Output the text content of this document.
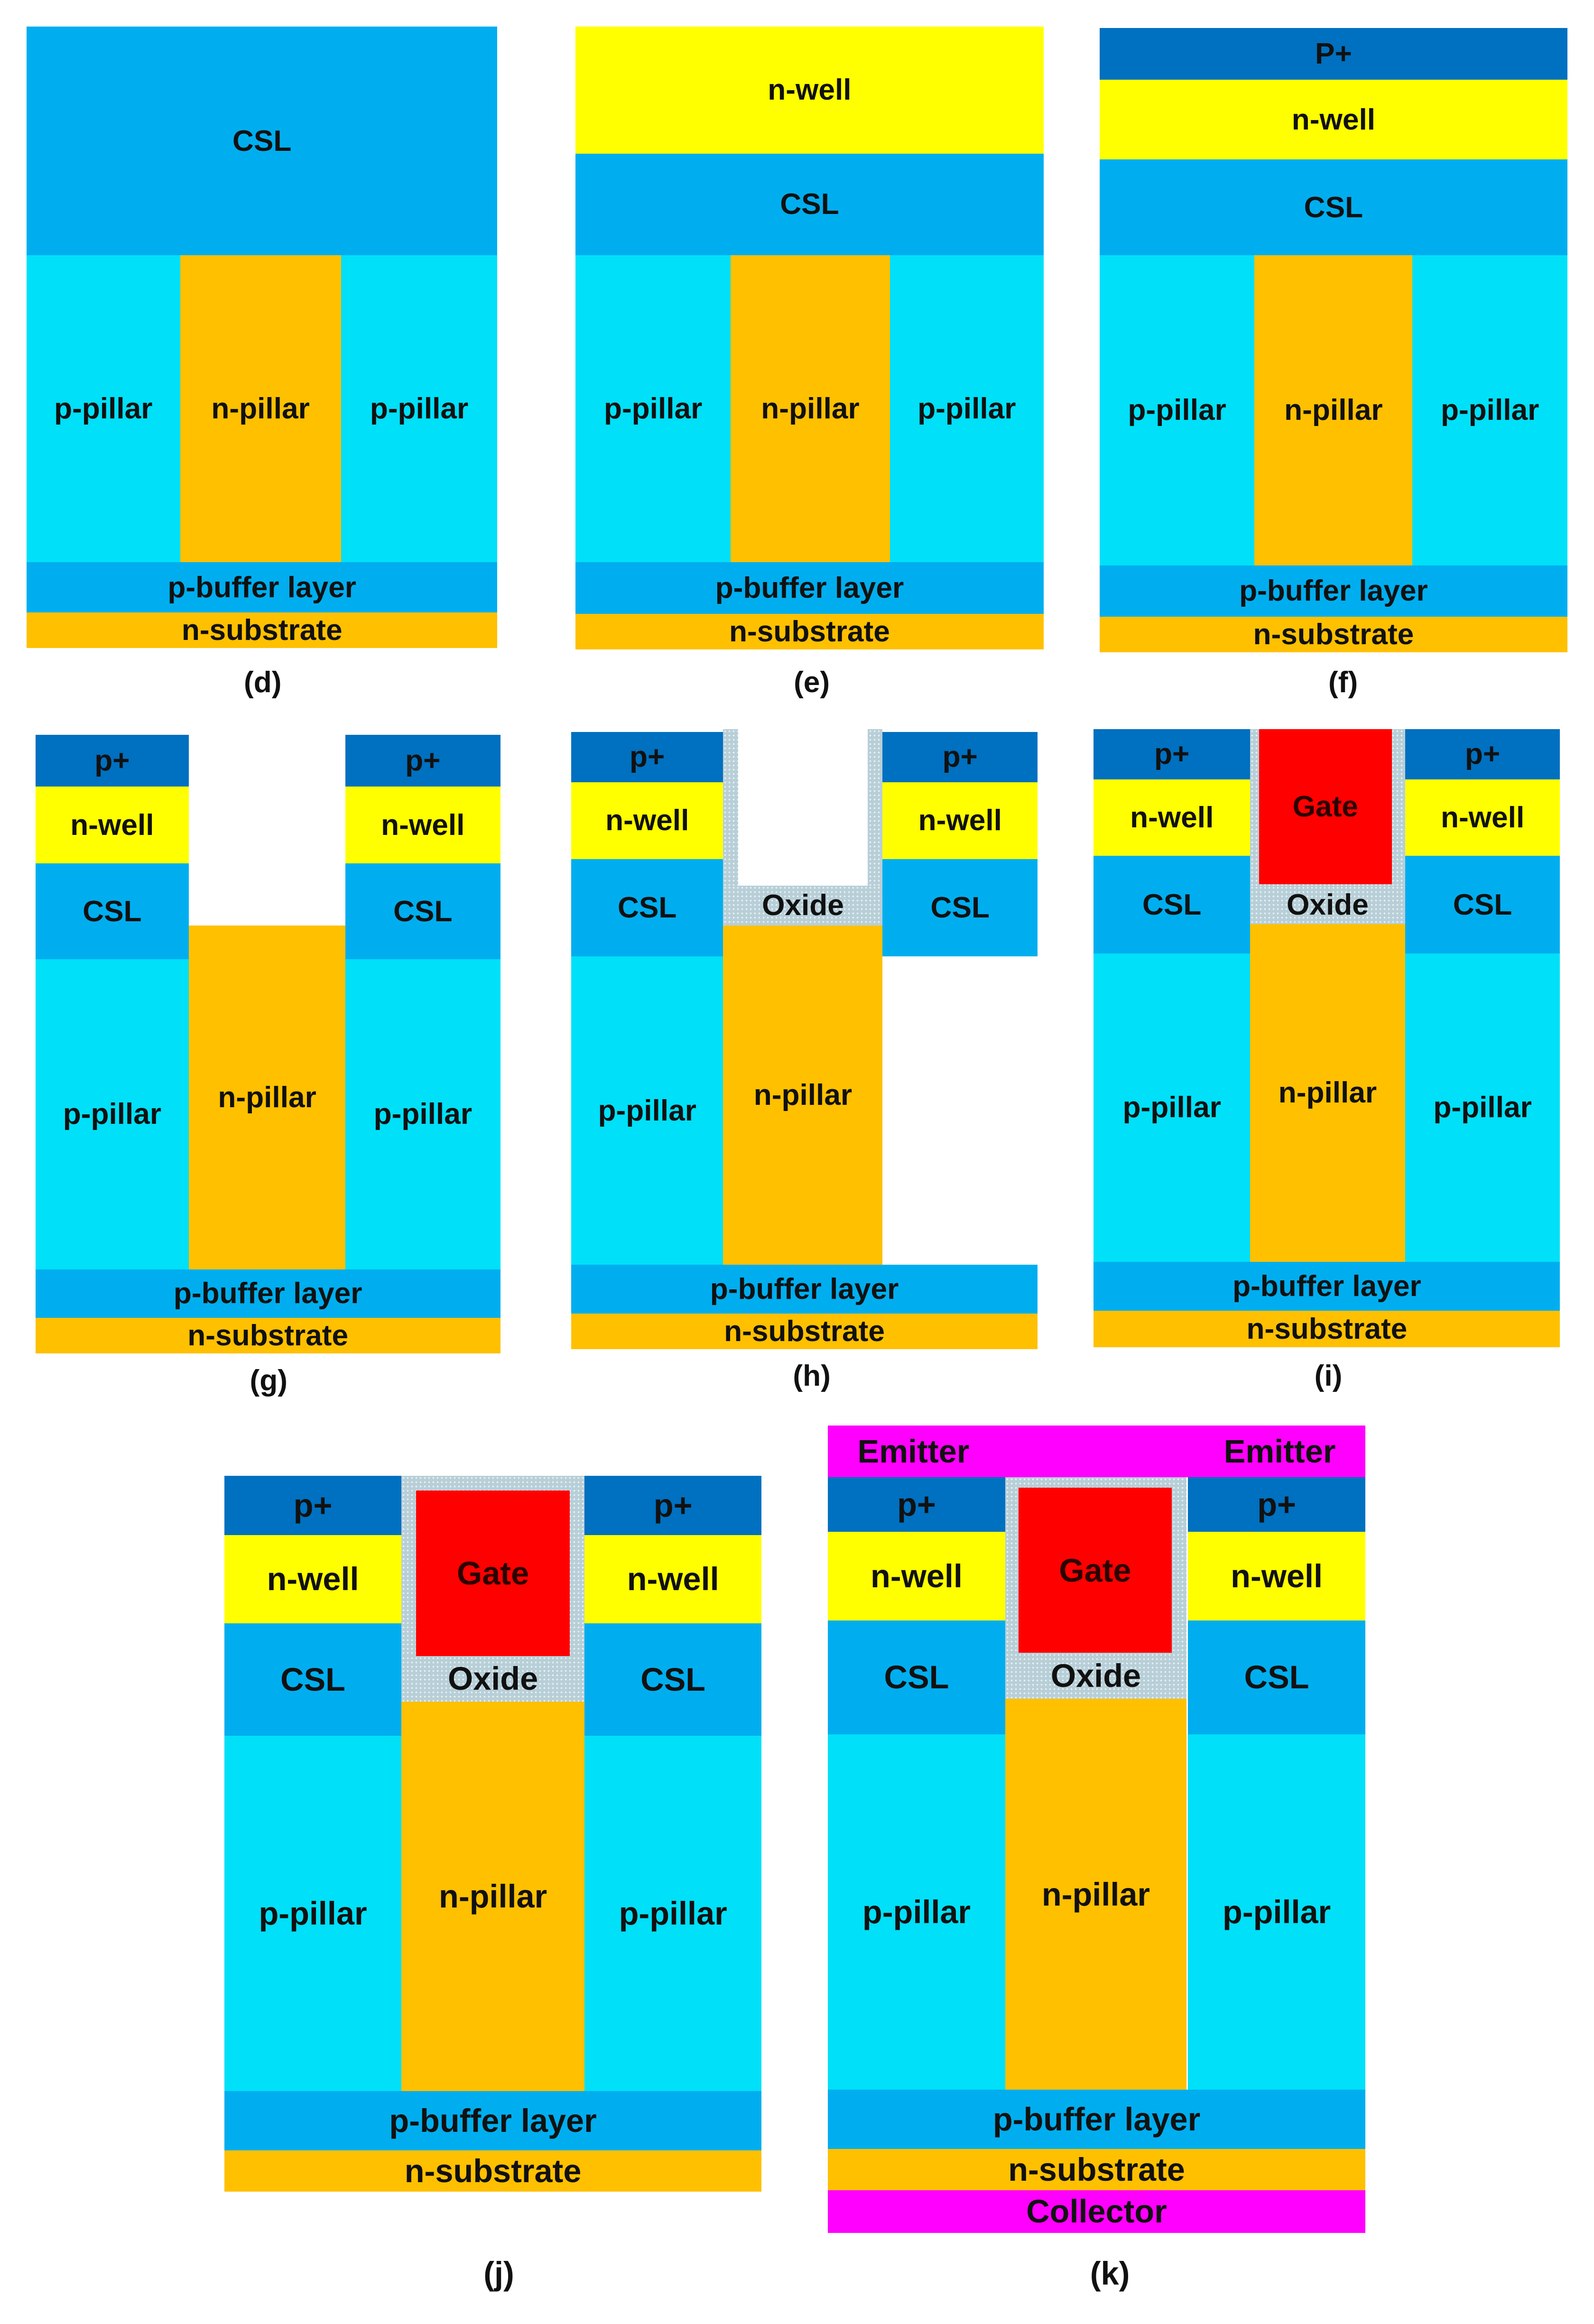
CSL
p-pillar	n-pillar	p-pillar
p-buffer layer
n-substrate
(d)
n-well
CSL
p-pillar	n-pillar	p-pillar
p-buffer layer
n-substrate
(e)
P+
n-well
CSL
p-pillar	n-pillar	p-pillar
p-buffer layer
n-substrate
(f)
p+
n-well
CSL
p+
n-well
CSL
p-pillar
n-pillar
p-pillar
p-buffer layer
n-substrate
(g)
p+
n-well
CSL
p+
n-well
CSL
Oxide
p-pillar	n-pillar
p-buffer layer
n-substrate
(h)
p+
n-well
CSL
Gate
Oxide
p+
n-well
CSL
p-pillar	n-pillar	p-pillar
p-buffer layer
n-substrate
(i)
p+
n-well
CSL
Gate
Oxide
p+
n-well
CSL
p-pillar	n-pillar	p-pillar
p-buffer layer
n-substrate
(j)
Emitter	Emitter
p+
n-well
CSL
Gate
Oxide
p+
n-well
CSL
p-pillar	n-pillar	p-pillar
p-buffer layer
n-substrate
Collector
(k)
